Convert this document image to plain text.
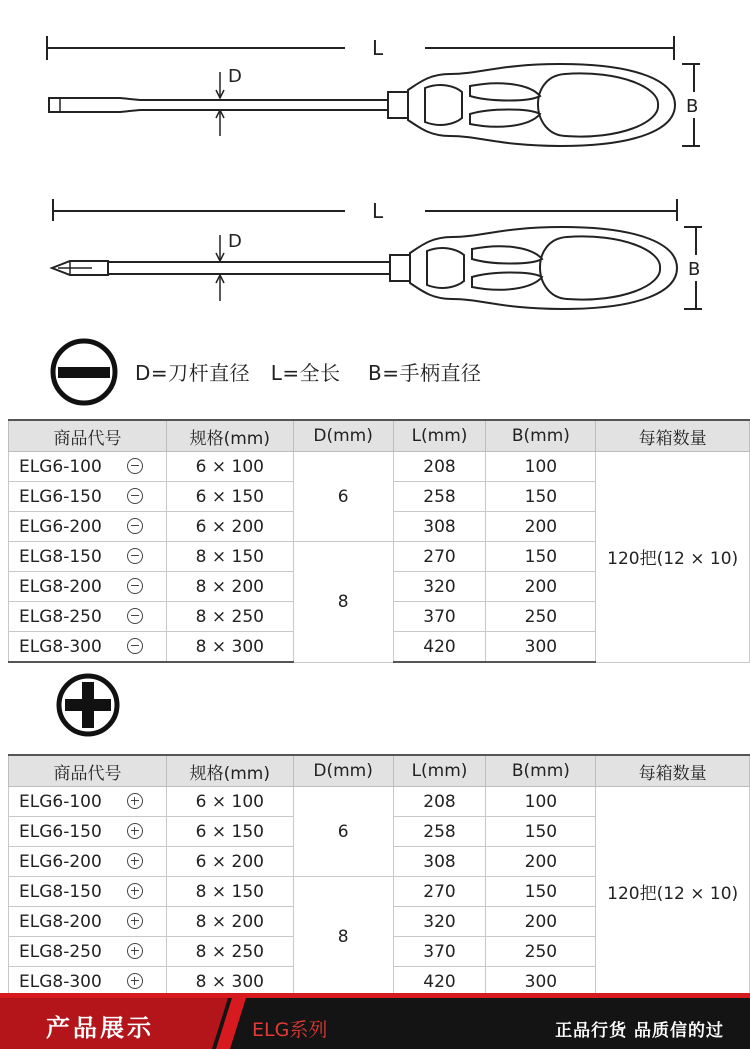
L
D
B
L
D
B
D=刀杆直径   L=全长    B=手柄直径
商品代号	规格(mm)	D(mm)	L(mm)	B(mm)	每箱数量
ELG6-100	6 × 100	6	208	100	120把(12 × 10)
ELG6-150	6 × 150		258	150	
ELG6-200	6 × 200		308	200	
ELG8-150	8 × 150	8	270	150	
ELG8-200	8 × 200		320	200	
ELG8-250	8 × 250		370	250	
ELG8-300	8 × 300		420	300	
商品代号	规格(mm)	D(mm)	L(mm)	B(mm)	每箱数量
ELG6-100	6 × 100	6	208	100	120把(12 × 10)
ELG6-150	6 × 150		258	150	
ELG6-200	6 × 200		308	200	
ELG8-150	8 × 150	8	270	150	
ELG8-200	8 × 200		320	200	
ELG8-250	8 × 250		370	250	
ELG8-300	8 × 300		420	300	
产品展示	ELG系列	正品行货 品质信的过
